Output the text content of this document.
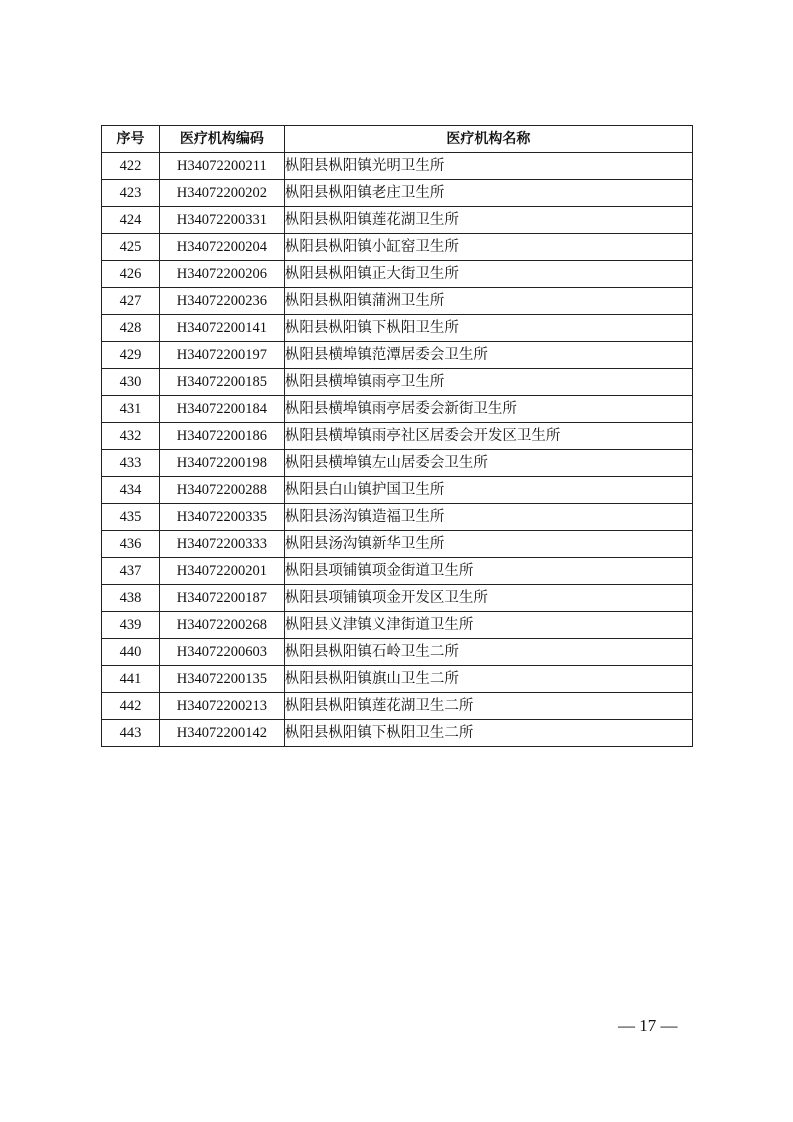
序号	医疗机构编码	医疗机构名称
422	H34072200211	枞阳县枞阳镇光明卫生所
423	H34072200202	枞阳县枞阳镇老庄卫生所
424	H34072200331	枞阳县枞阳镇莲花湖卫生所
425	H34072200204	枞阳县枞阳镇小缸窑卫生所
426	H34072200206	枞阳县枞阳镇正大街卫生所
427	H34072200236	枞阳县枞阳镇蒲洲卫生所
428	H34072200141	枞阳县枞阳镇下枞阳卫生所
429	H34072200197	枞阳县横埠镇范潭居委会卫生所
430	H34072200185	枞阳县横埠镇雨亭卫生所
431	H34072200184	枞阳县横埠镇雨亭居委会新街卫生所
432	H34072200186	枞阳县横埠镇雨亭社区居委会开发区卫生所
433	H34072200198	枞阳县横埠镇左山居委会卫生所
434	H34072200288	枞阳县白山镇护国卫生所
435	H34072200335	枞阳县汤沟镇造福卫生所
436	H34072200333	枞阳县汤沟镇新华卫生所
437	H34072200201	枞阳县项铺镇项金街道卫生所
438	H34072200187	枞阳县项铺镇项金开发区卫生所
439	H34072200268	枞阳县义津镇义津街道卫生所
440	H34072200603	枞阳县枞阳镇石岭卫生二所
441	H34072200135	枞阳县枞阳镇旗山卫生二所
442	H34072200213	枞阳县枞阳镇莲花湖卫生二所
443	H34072200142	枞阳县枞阳镇下枞阳卫生二所
— 17 —
